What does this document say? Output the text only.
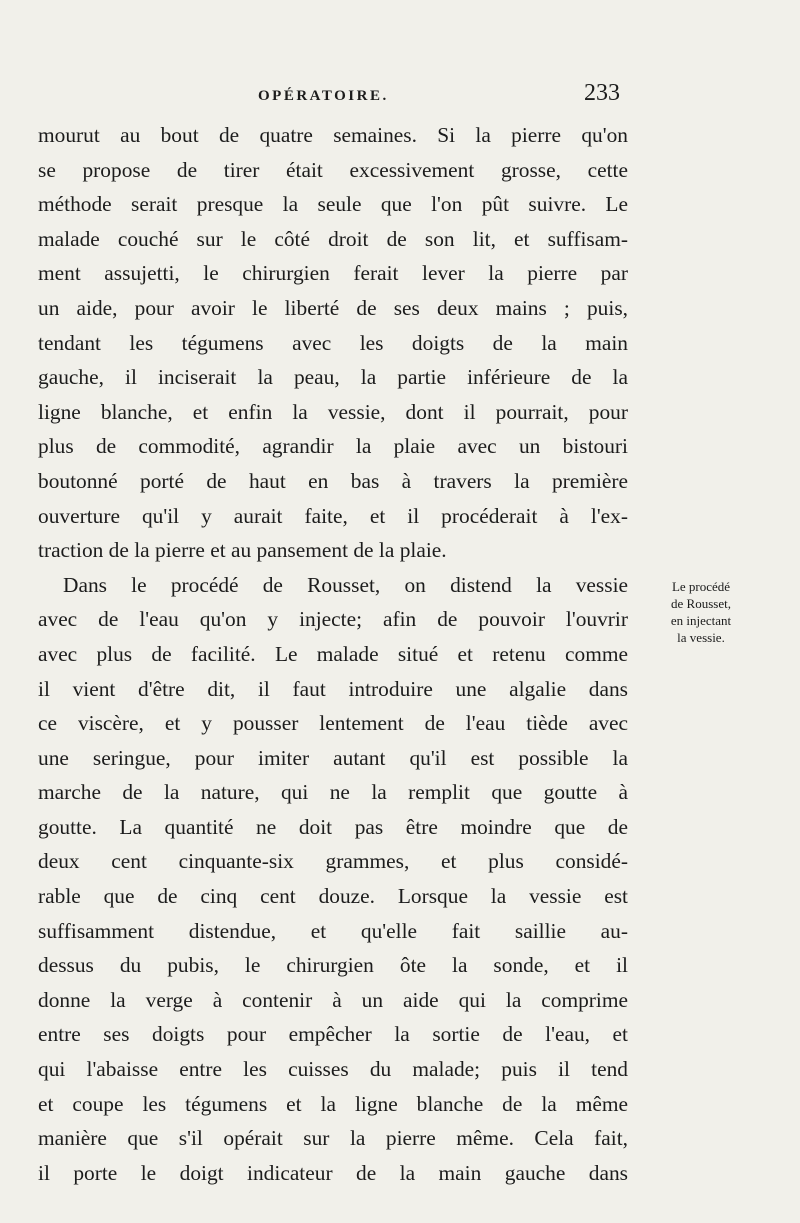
OPÉRATOIRE.	233
mourut au bout de quatre semaines. Si la pierre qu'on
se propose de tirer était excessivement grosse, cette
méthode serait presque la seule que l'on pût suivre. Le
malade couché sur le côté droit de son lit, et suffisam-
ment assujetti, le chirurgien ferait lever la pierre par
un aide, pour avoir le liberté de ses deux mains ; puis,
tendant les tégumens avec les doigts de la main
gauche, il inciserait la peau, la partie inférieure de la
ligne blanche, et enfin la vessie, dont il pourrait, pour
plus de commodité, agrandir la plaie avec un bistouri
boutonné porté de haut en bas à travers la première
ouverture qu'il y aurait faite, et il procéderait à l'ex-
traction de la pierre et au pansement de la plaie.
Dans le procédé de Rousset, on distend la vessie
avec de l'eau qu'on y injecte; afin de pouvoir l'ouvrir
avec plus de facilité. Le malade situé et retenu comme
il vient d'être dit, il faut introduire une algalie dans
ce viscère, et y pousser lentement de l'eau tiède avec
une seringue, pour imiter autant qu'il est possible la
marche de la nature, qui ne la remplit que goutte à
goutte. La quantité ne doit pas être moindre que de
deux cent cinquante-six grammes, et plus considé-
rable que de cinq cent douze. Lorsque la vessie est
suffisamment distendue, et qu'elle fait saillie au-
dessus du pubis, le chirurgien ôte la sonde, et il
donne la verge à contenir à un aide qui la comprime
entre ses doigts pour empêcher la sortie de l'eau, et
qui l'abaisse entre les cuisses du malade; puis il tend
et coupe les tégumens et la ligne blanche de la même
manière que s'il opérait sur la pierre même. Cela fait,
il porte le doigt indicateur de la main gauche dans
Le procédé
de Rousset,
en injectant
la vessie.
